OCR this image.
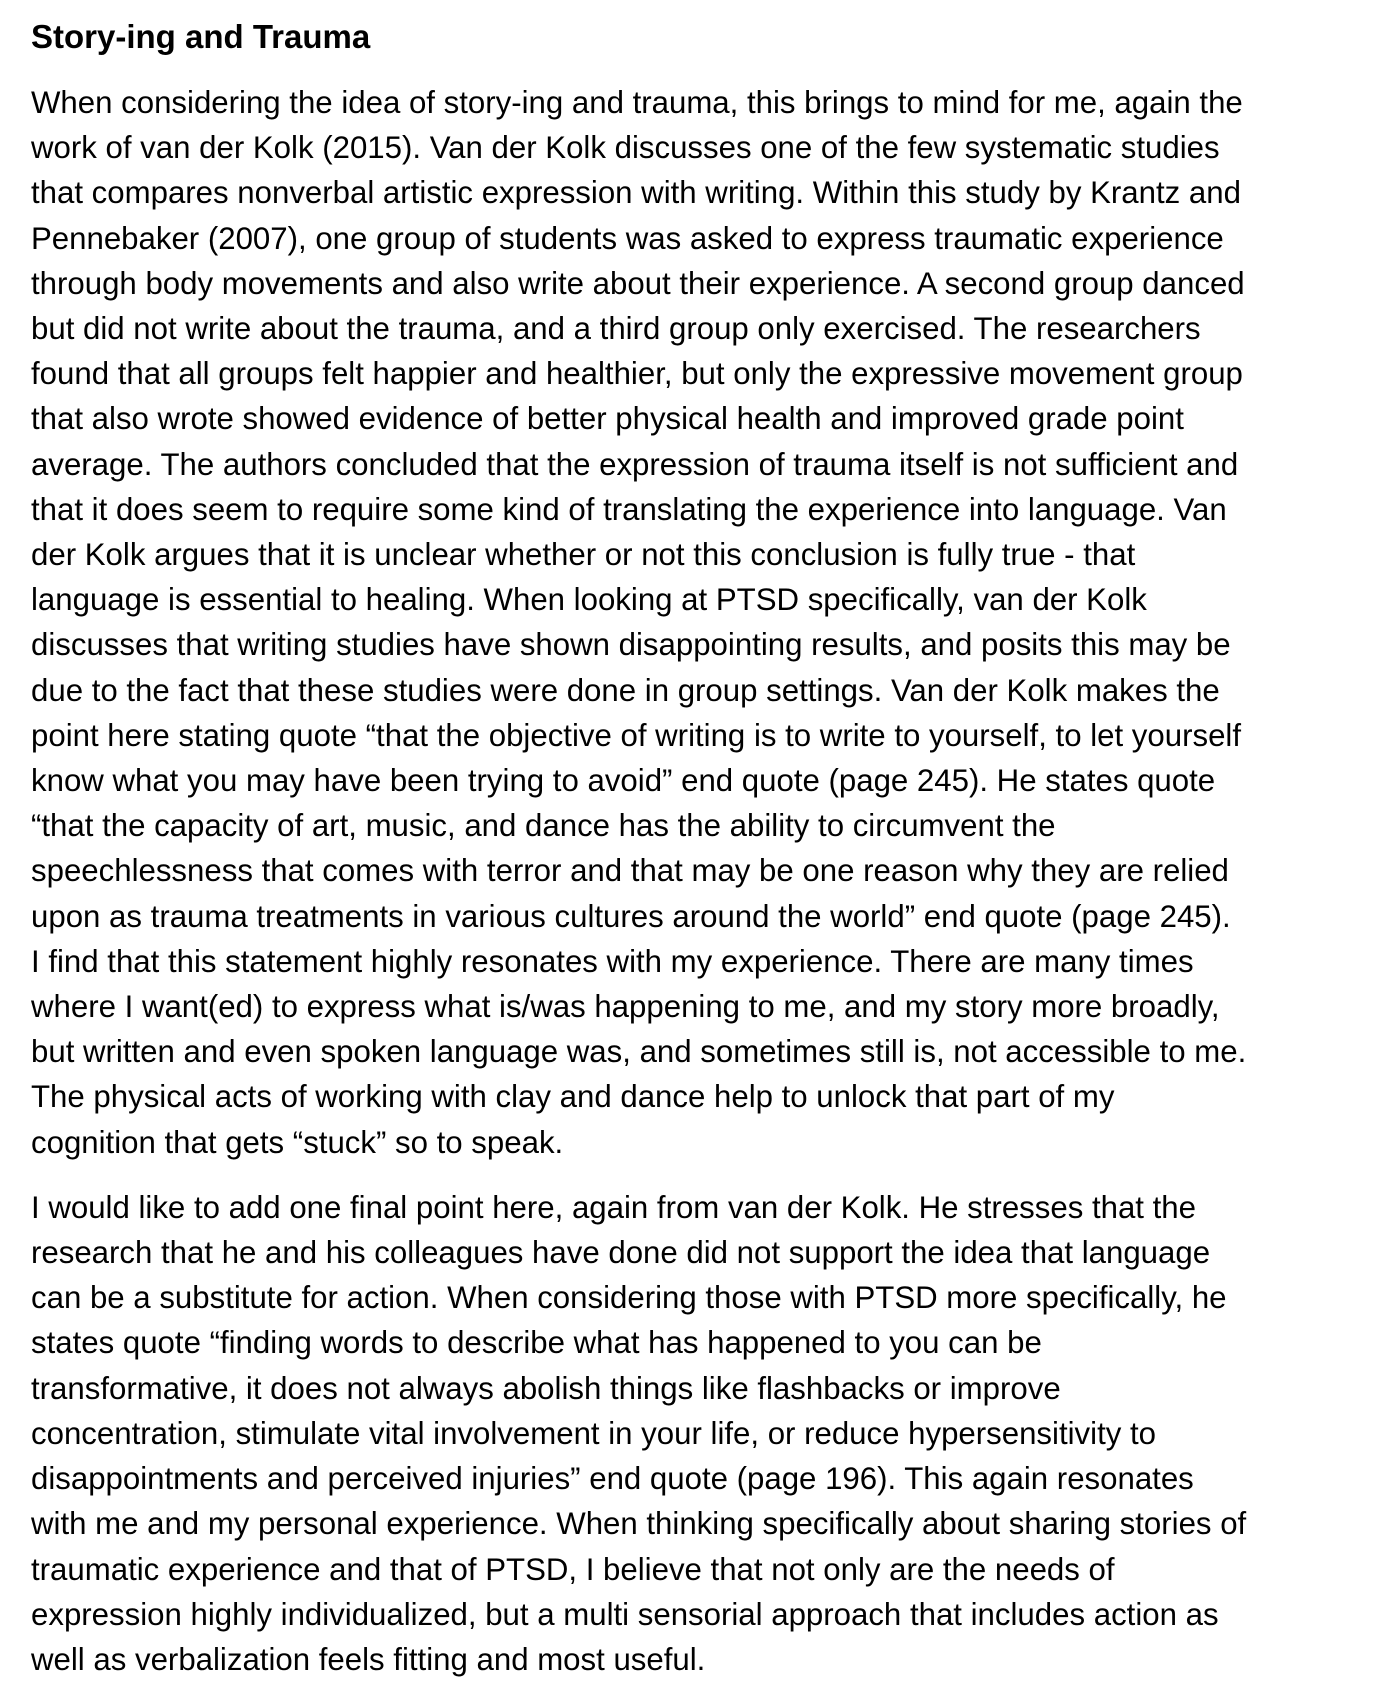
Story-ing and Trauma

When considering the idea of story-ing and trauma, this brings to mind for me, again the
work of van der Kolk (2015). Van der Kolk discusses one of the few systematic studies
that compares nonverbal artistic expression with writing. Within this study by Krantz and
Pennebaker (2007), one group of students was asked to express traumatic experience
through body movements and also write about their experience. A second group danced
but did not write about the trauma, and a third group only exercised. The researchers
found that all groups felt happier and healthier, but only the expressive movement group
that also wrote showed evidence of better physical health and improved grade point
average. The authors concluded that the expression of trauma itself is not sufficient and
that it does seem to require some kind of translating the experience into language. Van
der Kolk argues that it is unclear whether or not this conclusion is fully true - that
language is essential to healing. When looking at PTSD specifically, van der Kolk
discusses that writing studies have shown disappointing results, and posits this may be
due to the fact that these studies were done in group settings. Van der Kolk makes the
point here stating quote “that the objective of writing is to write to yourself, to let yourself
know what you may have been trying to avoid” end quote (page 245). He states quote
“that the capacity of art, music, and dance has the ability to circumvent the
speechlessness that comes with terror and that may be one reason why they are relied
upon as trauma treatments in various cultures around the world” end quote (page 245).
I find that this statement highly resonates with my experience. There are many times
where I want(ed) to express what is/was happening to me, and my story more broadly,
but written and even spoken language was, and sometimes still is, not accessible to me.
The physical acts of working with clay and dance help to unlock that part of my
cognition that gets “stuck” so to speak.

I would like to add one final point here, again from van der Kolk. He stresses that the
research that he and his colleagues have done did not support the idea that language
can be a substitute for action. When considering those with PTSD more specifically, he
states quote “finding words to describe what has happened to you can be
transformative, it does not always abolish things like flashbacks or improve
concentration, stimulate vital involvement in your life, or reduce hypersensitivity to
disappointments and perceived injuries” end quote (page 196). This again resonates
with me and my personal experience. When thinking specifically about sharing stories of
traumatic experience and that of PTSD, I believe that not only are the needs of
expression highly individualized, but a multi sensorial approach that includes action as
well as verbalization feels fitting and most useful.
